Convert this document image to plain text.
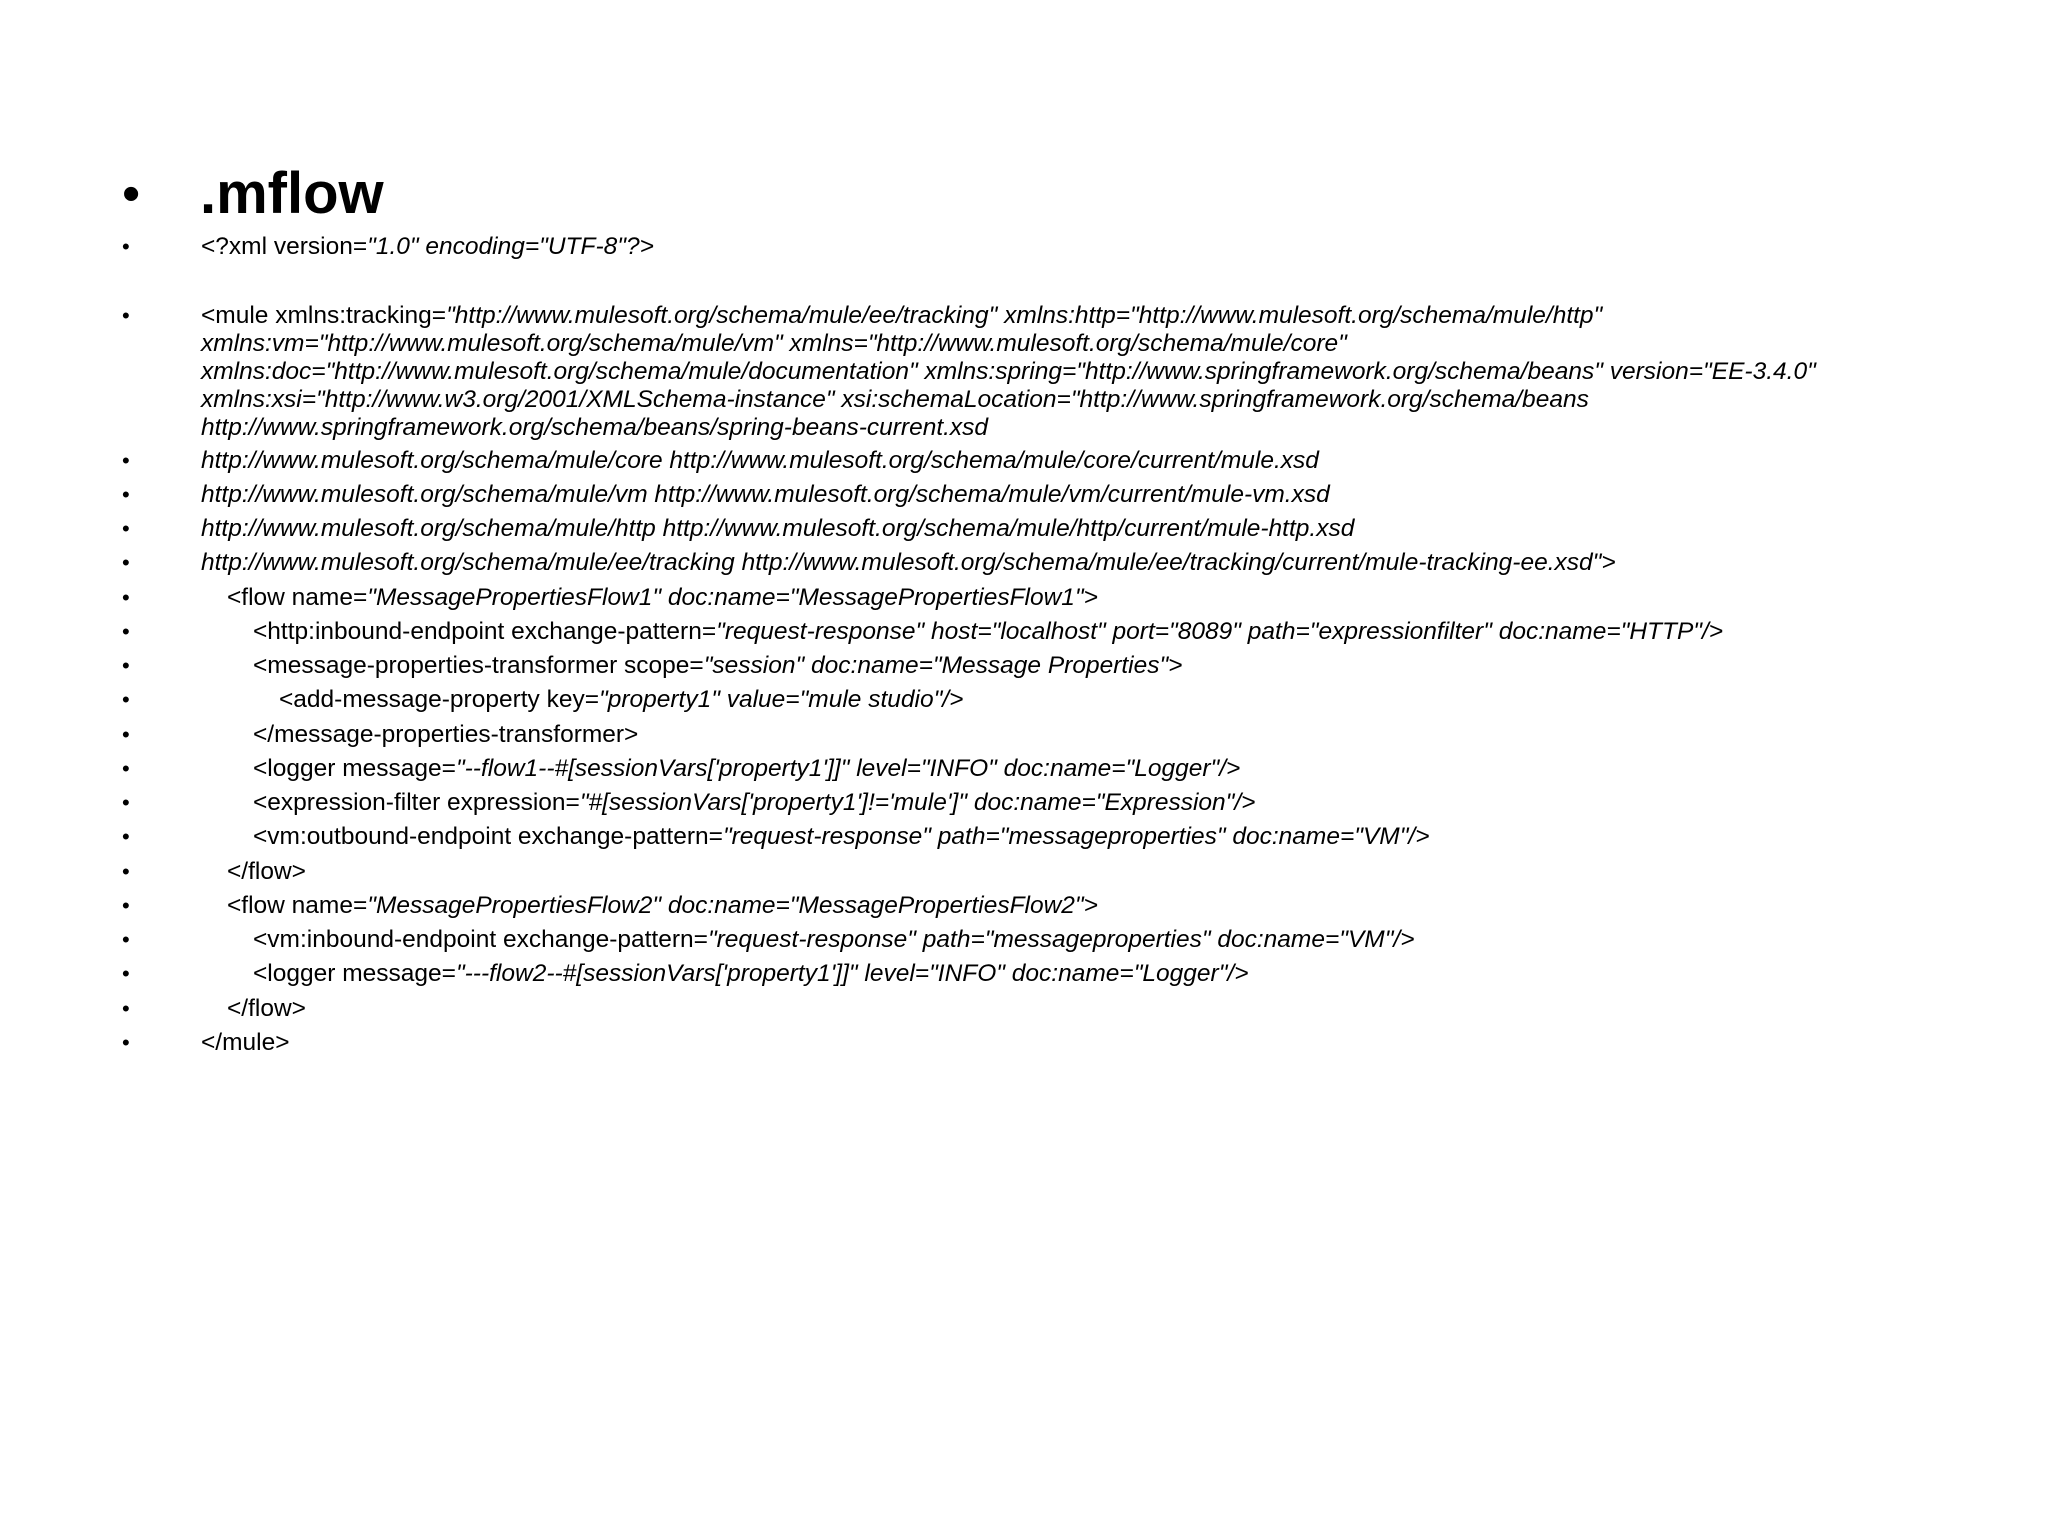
• .mflow
•	<?xml version="1.0" encoding="UTF-8"?>
•	<mule xmlns:tracking="http://www.mulesoft.org/schema/mule/ee/tracking" xmlns:http="http://www.mulesoft.org/schema/mule/http" xmlns:vm="http://www.mulesoft.org/schema/mule/vm" xmlns="http://www.mulesoft.org/schema/mule/core" xmlns:doc="http://www.mulesoft.org/schema/mule/documentation" xmlns:spring="http://www.springframework.org/schema/beans" version="EE-3.4.0" xmlns:xsi="http://www.w3.org/2001/XMLSchema-instance" xsi:schemaLocation="http://www.springframework.org/schema/beans http://www.springframework.org/schema/beans/spring-beans-current.xsd
•	http://www.mulesoft.org/schema/mule/core http://www.mulesoft.org/schema/mule/core/current/mule.xsd
•	http://www.mulesoft.org/schema/mule/vm http://www.mulesoft.org/schema/mule/vm/current/mule-vm.xsd
•	http://www.mulesoft.org/schema/mule/http http://www.mulesoft.org/schema/mule/http/current/mule-http.xsd
•	http://www.mulesoft.org/schema/mule/ee/tracking http://www.mulesoft.org/schema/mule/ee/tracking/current/mule-tracking-ee.xsd">
•	<flow name="MessagePropertiesFlow1" doc:name="MessagePropertiesFlow1">
•	<http:inbound-endpoint exchange-pattern="request-response" host="localhost" port="8089" path="expressionfilter" doc:name="HTTP"/>
•	<message-properties-transformer scope="session" doc:name="Message Properties">
•	<add-message-property key="property1" value="mule studio"/>
•	</message-properties-transformer>
•	<logger message="--flow1--#[sessionVars['property1']]" level="INFO" doc:name="Logger"/>
•	<expression-filter expression="#[sessionVars['property1']!='mule']" doc:name="Expression"/>
•	<vm:outbound-endpoint exchange-pattern="request-response" path="messageproperties" doc:name="VM"/>
•	</flow>
•	<flow name="MessagePropertiesFlow2" doc:name="MessagePropertiesFlow2">
•	<vm:inbound-endpoint exchange-pattern="request-response" path="messageproperties" doc:name="VM"/>
•	<logger message="---flow2--#[sessionVars['property1']]" level="INFO" doc:name="Logger"/>
•	</flow>
•	</mule>
